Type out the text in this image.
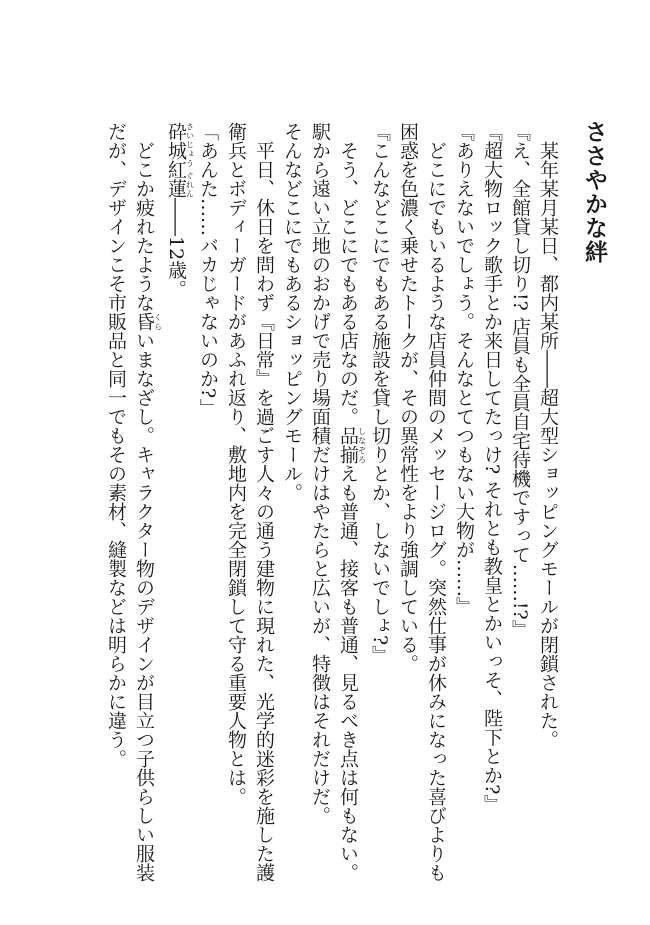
ささやかな絆

某年某月某日、都内某所――超大型ショッピングモールが閉鎖された。

『え、全館貸し切り!? 店員も全員自宅待機ですって……!?』

『超大物ロック歌手とか来日してたっけ? それとも教皇とかいっそ、陛下とか?』

『ありえないでしょう。そんなとてつもない大物が……』

どこにでもいるような店員仲間のメッセージログ。突然仕事が休みになった喜びよりも

困惑を色濃く乗せたトークが、その異常性をより強調している。

『こんなどこにでもある施設を貸し切りとか、しないでしょ?』

そう、どこにでもある店なのだ。品揃しなぞろえも普通、接客も普通、見るべき点は何もない。

駅から遠い立地のおかげで売り場面積だけはやたらと広いが、特徴はそれだけだ。

そんなどこにでもあるショッピングモール。

平日、休日を問わず『日常』を過ごす人々の通う建物に現れた、光学的迷彩を施した護

衛兵とボディーガードがあふれ返り、敷地内を完全閉鎖して守る重要人物とは。

「あんた……バカじゃないのか?」

砕城紅蓮さいじょう ぐれん――12歳。

どこか疲れたような昏くらいまなざし。キャラクター物のデザインが目立つ子供らしい服装

だが、デザインこそ市販品と同一でもその素材、縫製などは明らかに違う。
